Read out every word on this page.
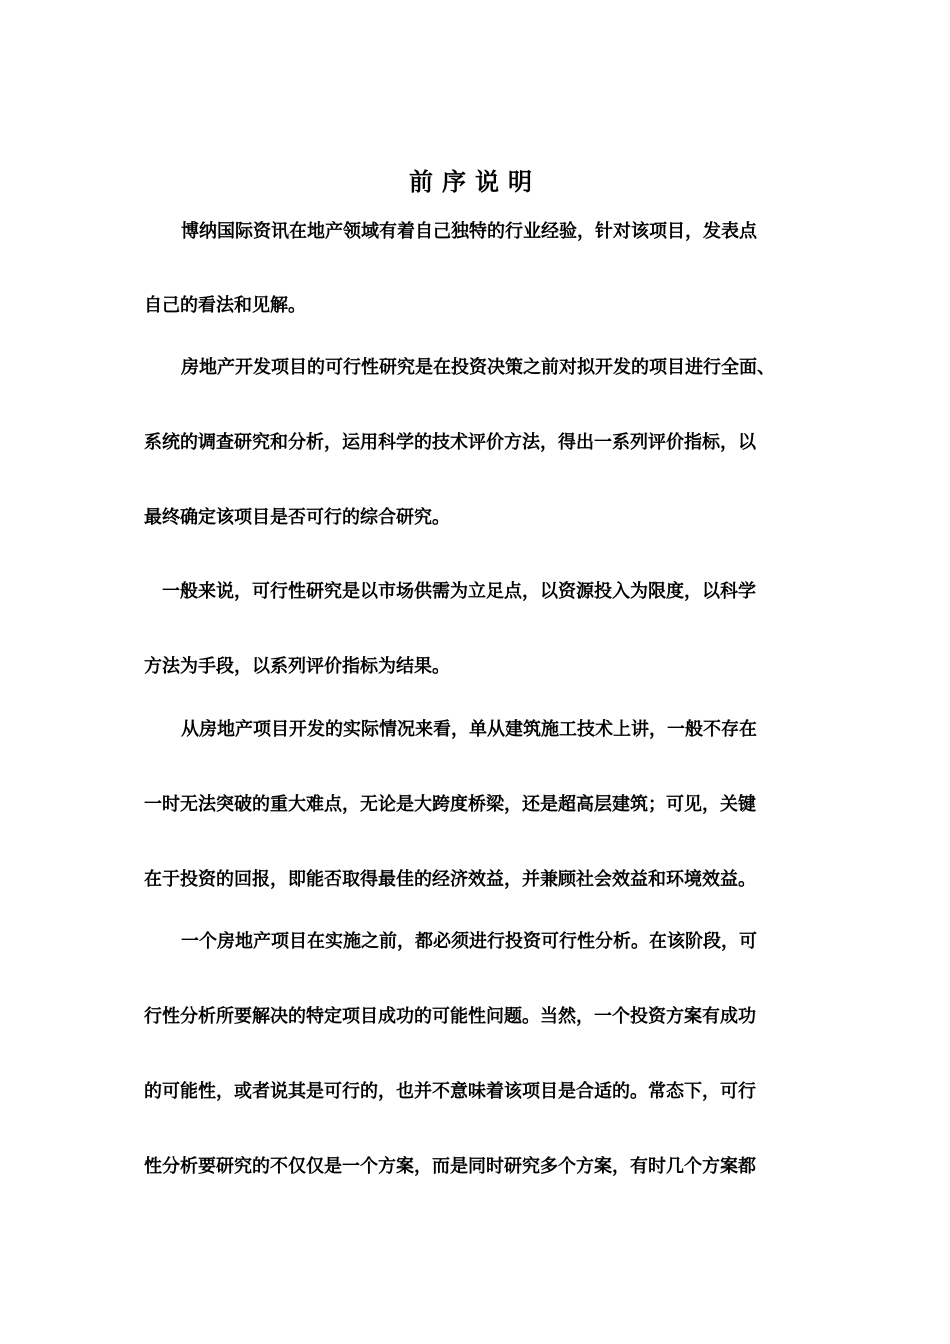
前序说明

博纳国际资讯在地产领域有着自己独特的行业经验，针对该项目，发表点

自己的看法和见解。

房地产开发项目的可行性研究是在投资决策之前对拟开发的项目进行全面、

系统的调查研究和分析，运用科学的技术评价方法，得出一系列评价指标，以

最终确定该项目是否可行的综合研究。

一般来说，可行性研究是以市场供需为立足点，以资源投入为限度，以科学

方法为手段，以系列评价指标为结果。

从房地产项目开发的实际情况来看，单从建筑施工技术上讲，一般不存在

一时无法突破的重大难点，无论是大跨度桥梁，还是超高层建筑；可见，关键

在于投资的回报，即能否取得最佳的经济效益，并兼顾社会效益和环境效益。

一个房地产项目在实施之前，都必须进行投资可行性分析。在该阶段，可

行性分析所要解决的特定项目成功的可能性问题。当然，一个投资方案有成功

的可能性，或者说其是可行的，也并不意味着该项目是合适的。常态下，可行

性分析要研究的不仅仅是一个方案，而是同时研究多个方案，有时几个方案都
